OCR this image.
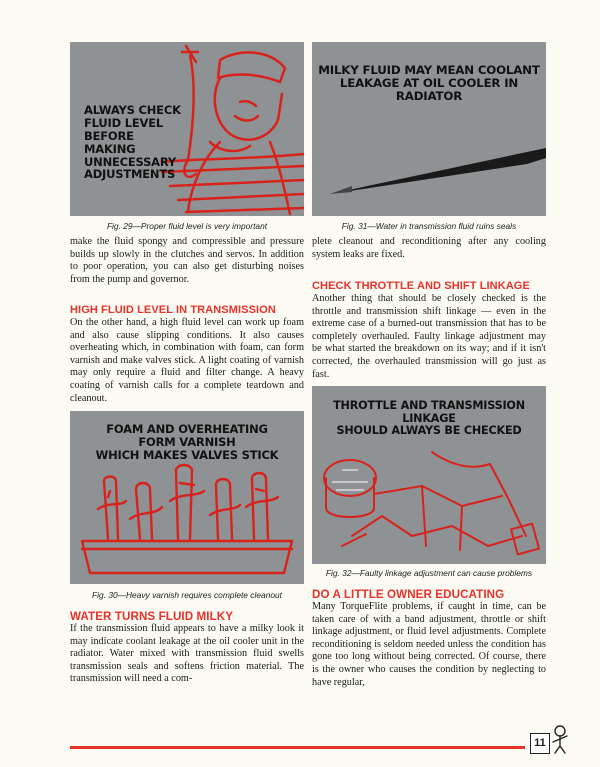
ALWAYS CHECK
FLUID LEVEL
BEFORE MAKING
UNNECESSARY
ADJUSTMENTS
Fig. 29—Proper fluid level is very important
MILKY FLUID MAY MEAN COOLANT
LEAKAGE AT OIL COOLER IN RADIATOR
Fig. 31—Water in transmission fluid ruins seals

make the fluid spongy and compressible and pressure builds up slowly in the clutches and servos. In addition to poor operation, you can also get disturbing noises from the pump and governor.

HIGH FLUID LEVEL IN TRANSMISSION

On the other hand, a high fluid level can work up foam and also cause slipping conditions. It also causes overheating which, in combination with foam, can form varnish and make valves stick. A light coating of varnish may only require a fluid and filter change. A heavy coating of varnish calls for a complete teardown and cleanout.

FOAM AND OVERHEATING
FORM VARNISH
WHICH MAKES VALVES STICK
Fig. 30—Heavy varnish requires complete cleanout

WATER TURNS FLUID MILKY

If the transmission fluid appears to have a milky look it may indicate coolant leakage at the oil cooler unit in the radiator. Water mixed with transmission fluid swells transmission seals and softens friction material. The transmission will need a com-

plete cleanout and reconditioning after any cooling system leaks are fixed.

CHECK THROTTLE AND SHIFT LINKAGE

Another thing that should be closely checked is the throttle and transmission shift linkage — even in the extreme case of a burned-out transmission that has to be completely overhauled. Faulty linkage adjustment may be what started the breakdown on its way; and if it isn't corrected, the overhauled transmission will go just as fast.

THROTTLE AND TRANSMISSION LINKAGE
SHOULD ALWAYS BE CHECKED
Fig. 32—Faulty linkage adjustment can cause problems

DO A LITTLE OWNER EDUCATING

Many TorqueFlite problems, if caught in time, can be taken care of with a band adjustment, throttle or shift linkage adjustment, or fluid level adjustments. Complete reconditioning is seldom needed unless the condition has gone too long without being corrected. Of course, there is the owner who causes the condition by neglecting to have regular,

11
